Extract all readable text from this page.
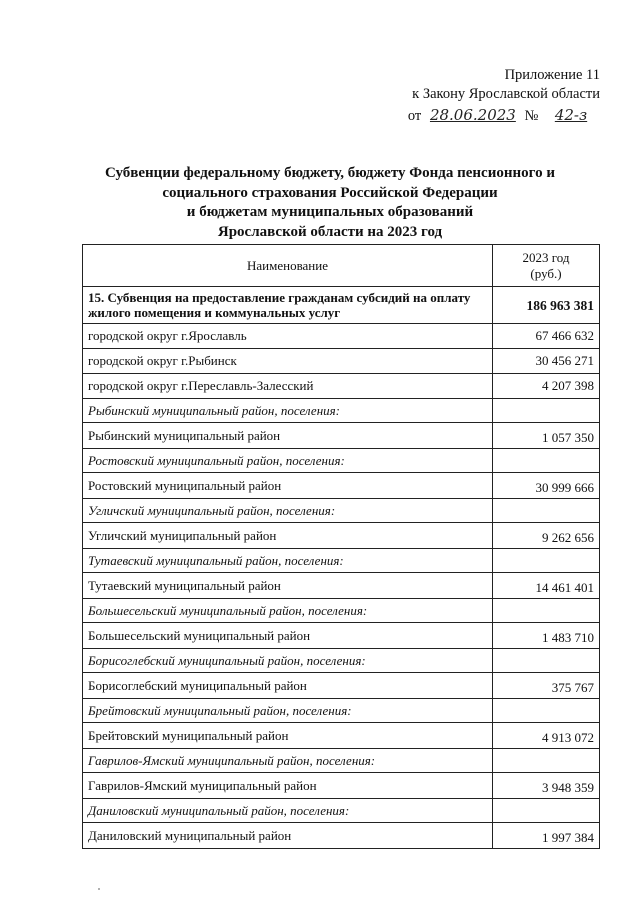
Приложение 11
к Закону Ярославской области
от 28.06.2023 № 42-з
Субвенции федеральному бюджету, бюджету Фонда пенсионного и
социального страхования Российской Федерации
и бюджетам муниципальных образований
Ярославской области на 2023 год
Наименование	2023 год
(руб.)

15. Субвенция на предоставление гражданам субсидий на оплату жилого помещения и коммунальных услуг	186 963 381
городской округ г.Ярославль	67 466 632
городской округ г.Рыбинск	30 456 271
городской округ г.Переславль-Залесский	4 207 398
Рыбинский муниципальный район, поселения:	
Рыбинский муниципальный район	1 057 350
Ростовский муниципальный район, поселения:	
Ростовский муниципальный район	30 999 666
Угличский муниципальный район, поселения:	
Угличский муниципальный район	9 262 656
Тутаевский муниципальный район, поселения:	
Тутаевский муниципальный район	14 461 401
Большесельский муниципальный район, поселения:	
Большесельский муниципальный район	1 483 710
Борисоглебский муниципальный район, поселения:	
Борисоглебский муниципальный район	375 767
Брейтовский муниципальный район, поселения:	
Брейтовский муниципальный район	4 913 072
Гаврилов-Ямский муниципальный район, поселения:	
Гаврилов-Ямский муниципальный район	3 948 359
Даниловский муниципальный район, поселения:	
Даниловский муниципальный район	1 997 384
